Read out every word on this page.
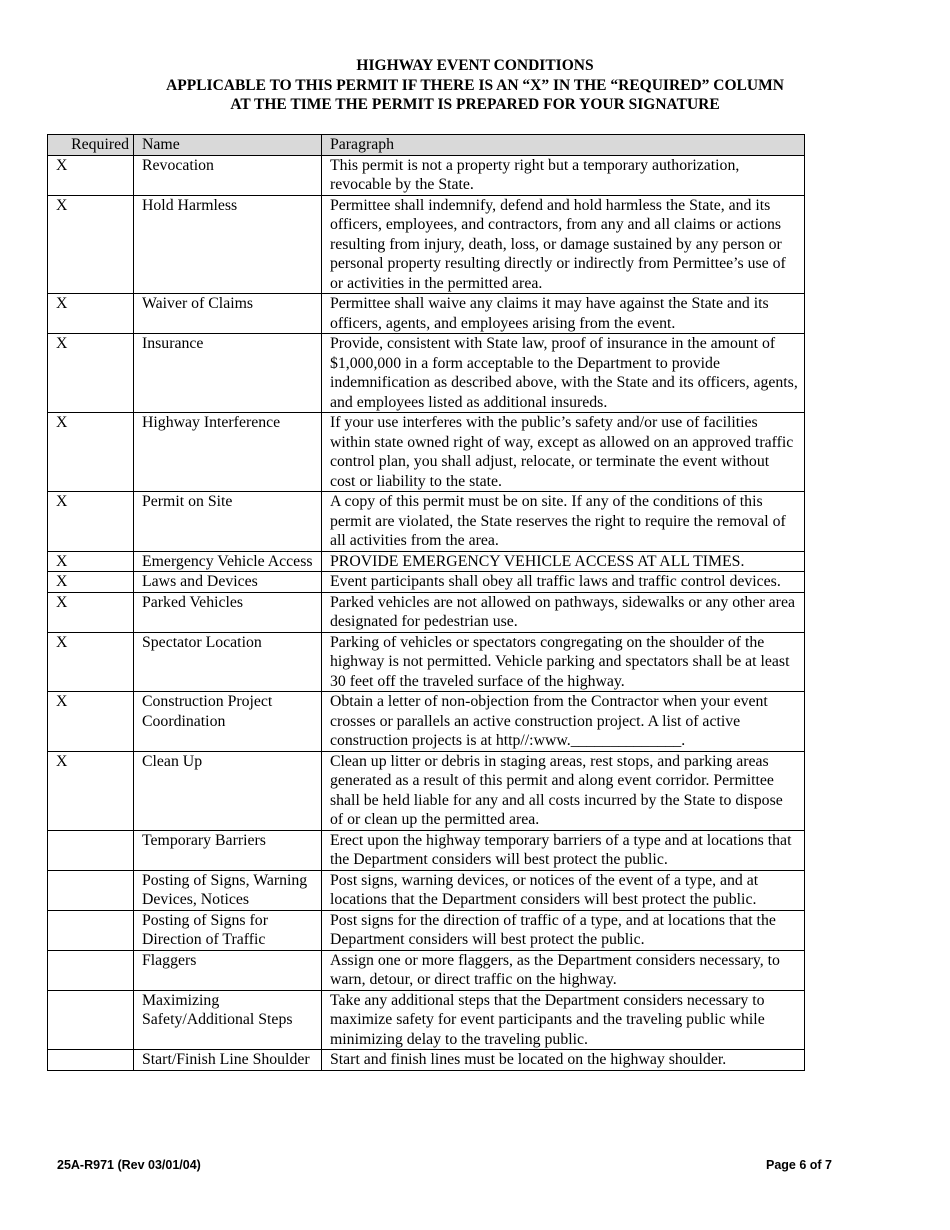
HIGHWAY EVENT CONDITIONS
APPLICABLE TO THIS PERMIT IF THERE IS AN “X” IN THE “REQUIRED” COLUMN
AT THE TIME THE PERMIT IS PREPARED FOR YOUR SIGNATURE
Required	Name	Paragraph
X	Revocation	This permit is not a property right but a temporary authorization, revocable by the State.
X	Hold Harmless	Permittee shall indemnify, defend and hold harmless the State, and its officers, employees, and contractors, from any and all claims or actions resulting from injury, death, loss, or damage sustained by any person or personal property resulting directly or indirectly from Permittee’s use of or activities in the permitted area.
X	Waiver of Claims	Permittee shall waive any claims it may have against the State and its officers, agents, and employees arising from the event.
X	Insurance	Provide, consistent with State law, proof of insurance in the amount of $1,000,000 in a form acceptable to the Department to provide indemnification as described above, with the State and its officers, agents, and employees listed as additional insureds.
X	Highway Interference	If your use interferes with the public’s safety and/or use of facilities within state owned right of way, except as allowed on an approved traffic control plan, you shall adjust, relocate, or terminate the event without cost or liability to the state.
X	Permit on Site	A copy of this permit must be on site. If any of the conditions of this permit are violated, the State reserves the right to require the removal of all activities from the area.
X	Emergency Vehicle Access	PROVIDE EMERGENCY VEHICLE ACCESS AT ALL TIMES.
X	Laws and Devices	Event participants shall obey all traffic laws and traffic control devices.
X	Parked Vehicles	Parked vehicles are not allowed on pathways, sidewalks or any other area designated for pedestrian use.
X	Spectator Location	Parking of vehicles or spectators congregating on the shoulder of the highway is not permitted. Vehicle parking and spectators shall be at least 30 feet off the traveled surface of the highway.
X	Construction Project Coordination	Obtain a letter of non-objection from the Contractor when your event crosses or parallels an active construction project. A list of active construction projects is at http//:www.______________.
X	Clean Up	Clean up litter or debris in staging areas, rest stops, and parking areas generated as a result of this permit and along event corridor. Permittee shall be held liable for any and all costs incurred by the State to dispose of or clean up the permitted area.
	Temporary Barriers	Erect upon the highway temporary barriers of a type and at locations that the Department considers will best protect the public.
	Posting of Signs, Warning Devices, Notices	Post signs, warning devices, or notices of the event of a type, and at locations that the Department considers will best protect the public.
	Posting of Signs for Direction of Traffic	Post signs for the direction of traffic of a type, and at locations that the Department considers will best protect the public.
	Flaggers	Assign one or more flaggers, as the Department considers necessary, to warn, detour, or direct traffic on the highway.
	Maximizing Safety/Additional Steps	Take any additional steps that the Department considers necessary to maximize safety for event participants and the traveling public while minimizing delay to the traveling public.
	Start/Finish Line Shoulder	Start and finish lines must be located on the highway shoulder.
25A-R971 (Rev 03/01/04)	Page 6 of 7
